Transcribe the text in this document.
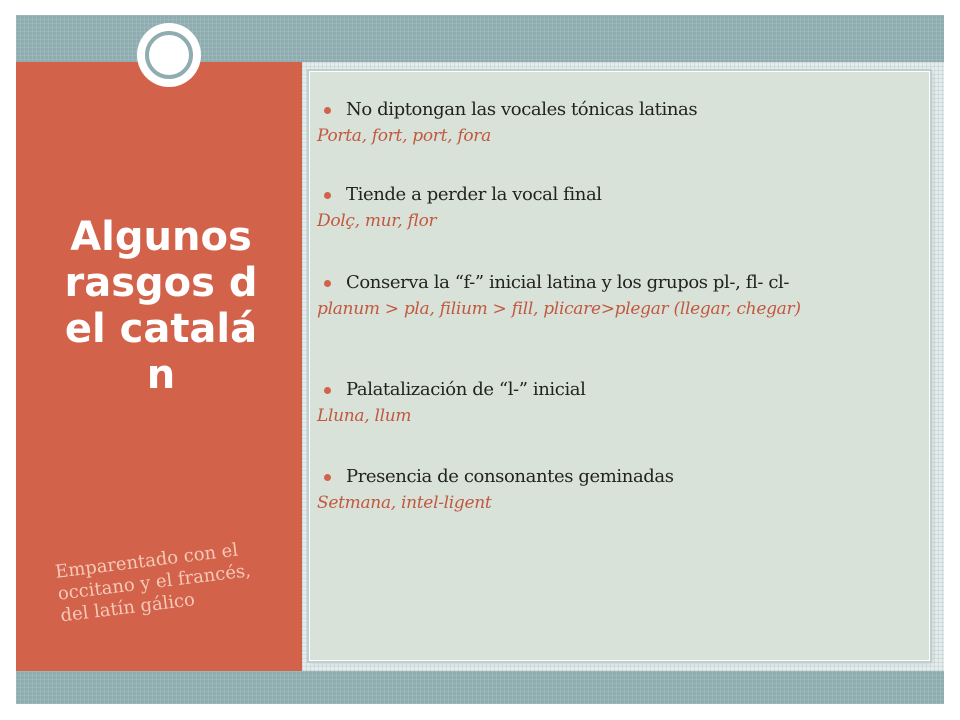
Algunos rasgos del catalán
Emparentado con el occitano y el francés, del latín gálico
No diptongan las vocales tónicas latinas
Porta, fort, port, fora
Tiende a perder la vocal final
Dolç, mur, flor
Conserva la “f-” inicial latina y los grupos pl-, fl- cl-
planum > pla, filium > fill, plicare>plegar (llegar, chegar)
Palatalización de “l-” inicial
Lluna, llum
Presencia de consonantes geminadas
Setmana, intel-ligent
